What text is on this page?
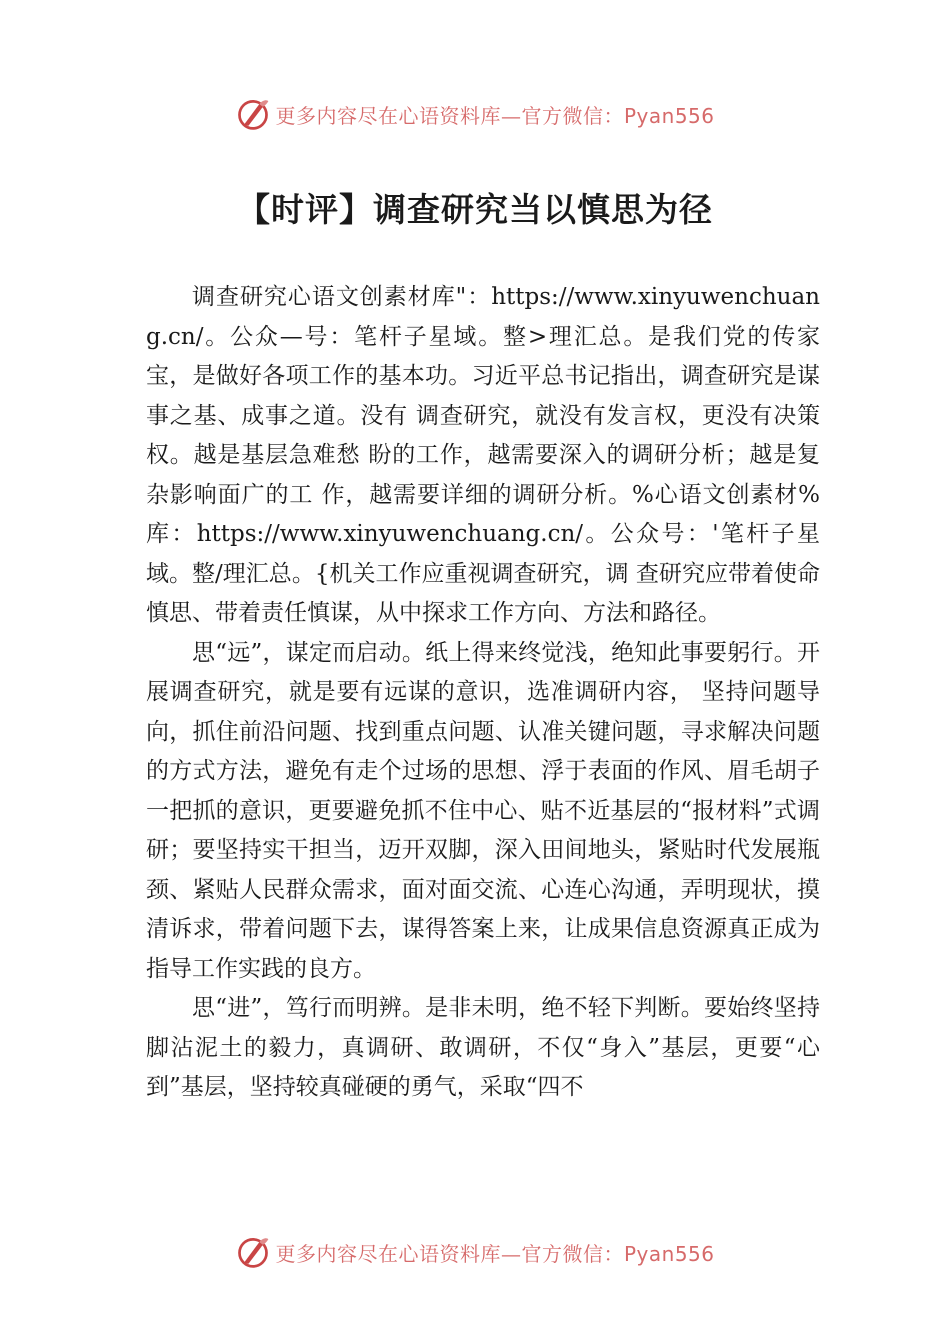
更多内容尽在心语资料库—官方微信：Pyan556
【时评】调查研究当以慎思为径

调查研究心语文创素材库"：https://www.xinyuwenchuang.cn/。公众—号：笔杆子星域。整>理汇总。是我们党的传家宝，是做好各项工作的基本功。习近平总书记指出，调查研究是谋事之基、成事之道。没有 调查研究，就没有发言权，更没有决策权。越是基层急难愁 盼的工作，越需要深入的调研分析；越是复杂影响面广的工 作，越需要详细的调研分析。%心语文创素材%库：https://www.xinyuwenchuang.cn/。公众号：'笔杆子星域。整/理汇总。{机关工作应重视调查研究，调 查研究应带着使命慎思、带着责任慎谋，从中探求工作方向、方法和路径。

思“远”，谋定而启动。纸上得来终觉浅，绝知此事要躬行。开展调查研究，就是要有远谋的意识，选准调研内容， 坚持问题导向，抓住前沿问题、找到重点问题、认准关键问题，寻求解决问题的方式方法，避免有走个过场的思想、浮于表面的作风、眉毛胡子一把抓的意识，更要避免抓不住中心、贴不近基层的“报材料”式调研；要坚持实干担当，迈开双脚，深入田间地头，紧贴时代发展瓶颈、紧贴人民群众需求，面对面交流、心连心沟通，弄明现状，摸清诉求，带着问题下去，谋得答案上来，让成果信息资源真正成为指导工作实践的良方。

思“进”，笃行而明辨。是非未明，绝不轻下判断。要始终坚持脚沾泥土的毅力，真调研、敢调研，不仅“身入”基层，更要“心到”基层，坚持较真碰硬的勇气，采取“四不

更多内容尽在心语资料库—官方微信：Pyan556
